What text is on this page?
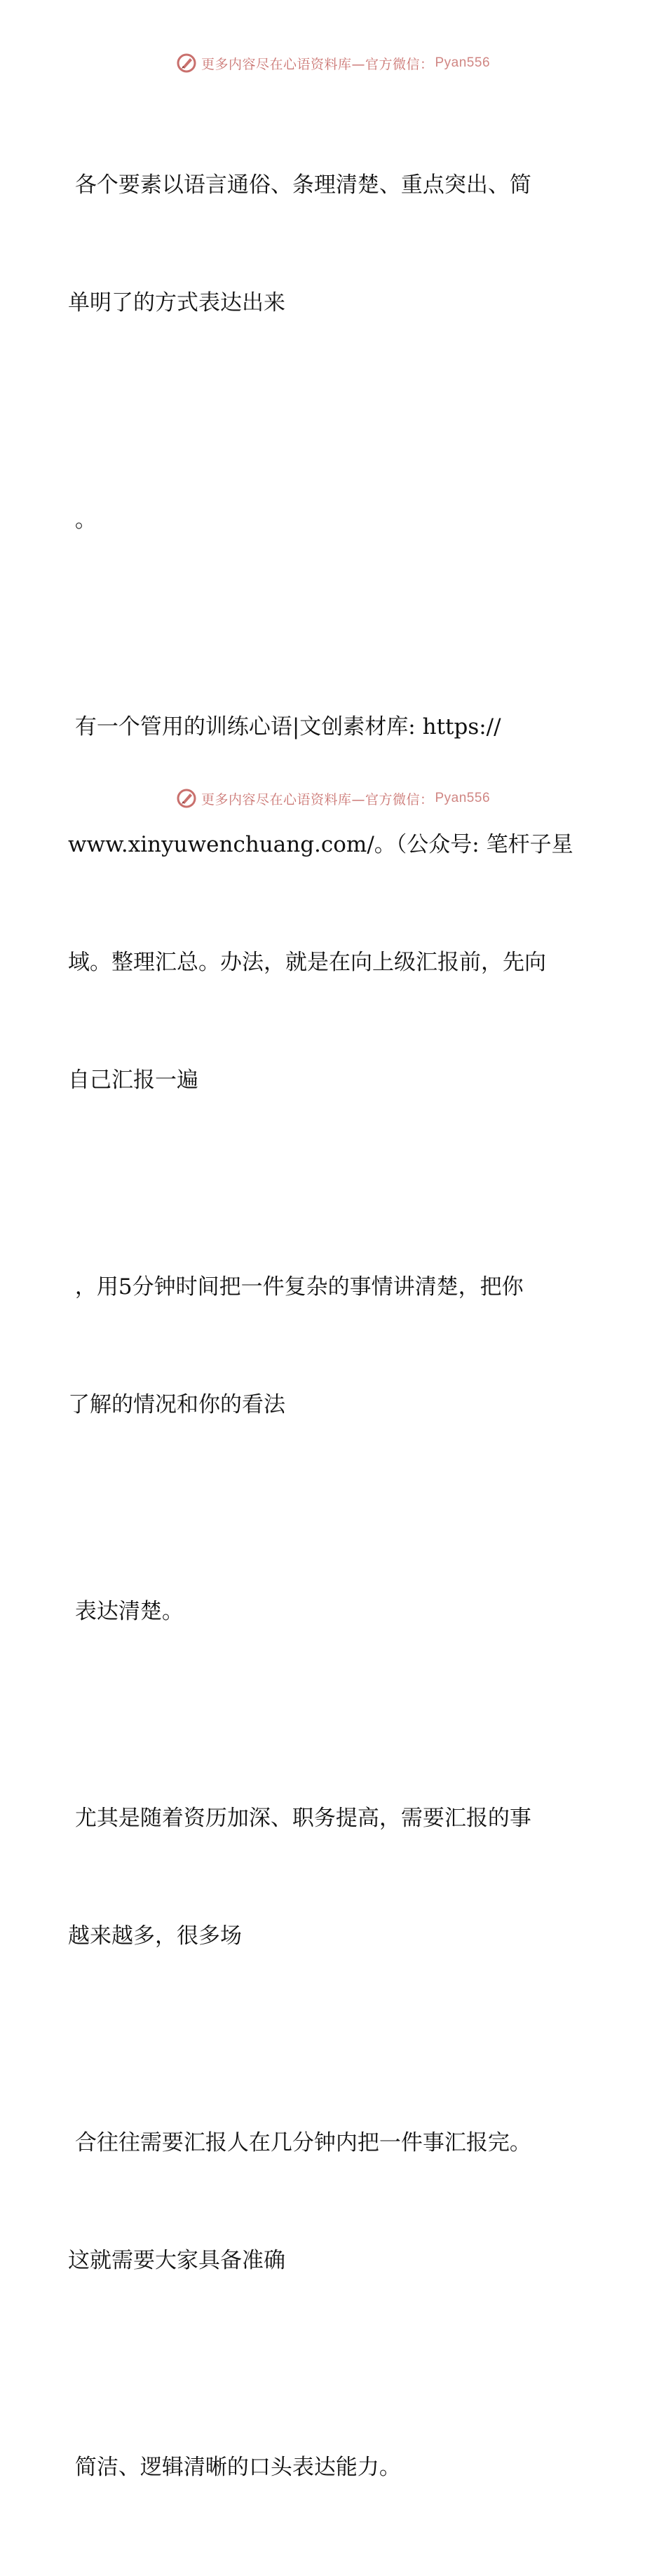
更多内容尽在心语资料库—官方微信： Pyan556

各个要素以语言通俗、条理清楚、重点突出、简

单明了的方式表达出来

。

有一个管用的训练心语|文创素材库: https://

www.xinyuwenchuang.com/。（公众号: 笔杆子星

域。整理汇总。办法，就是在向上级汇报前，先向

自己汇报一遍

，用5分钟时间把一件复杂的事情讲清楚，把你

了解的情况和你的看法

表达清楚。

尤其是随着资历加深、职务提高，需要汇报的事

越来越多，很多场

合往往需要汇报人在几分钟内把一件事汇报完。

这就需要大家具备准确

简洁、逻辑清晰的口头表达能力。

更多内容尽在心语资料库—官方微信： Pyan556
